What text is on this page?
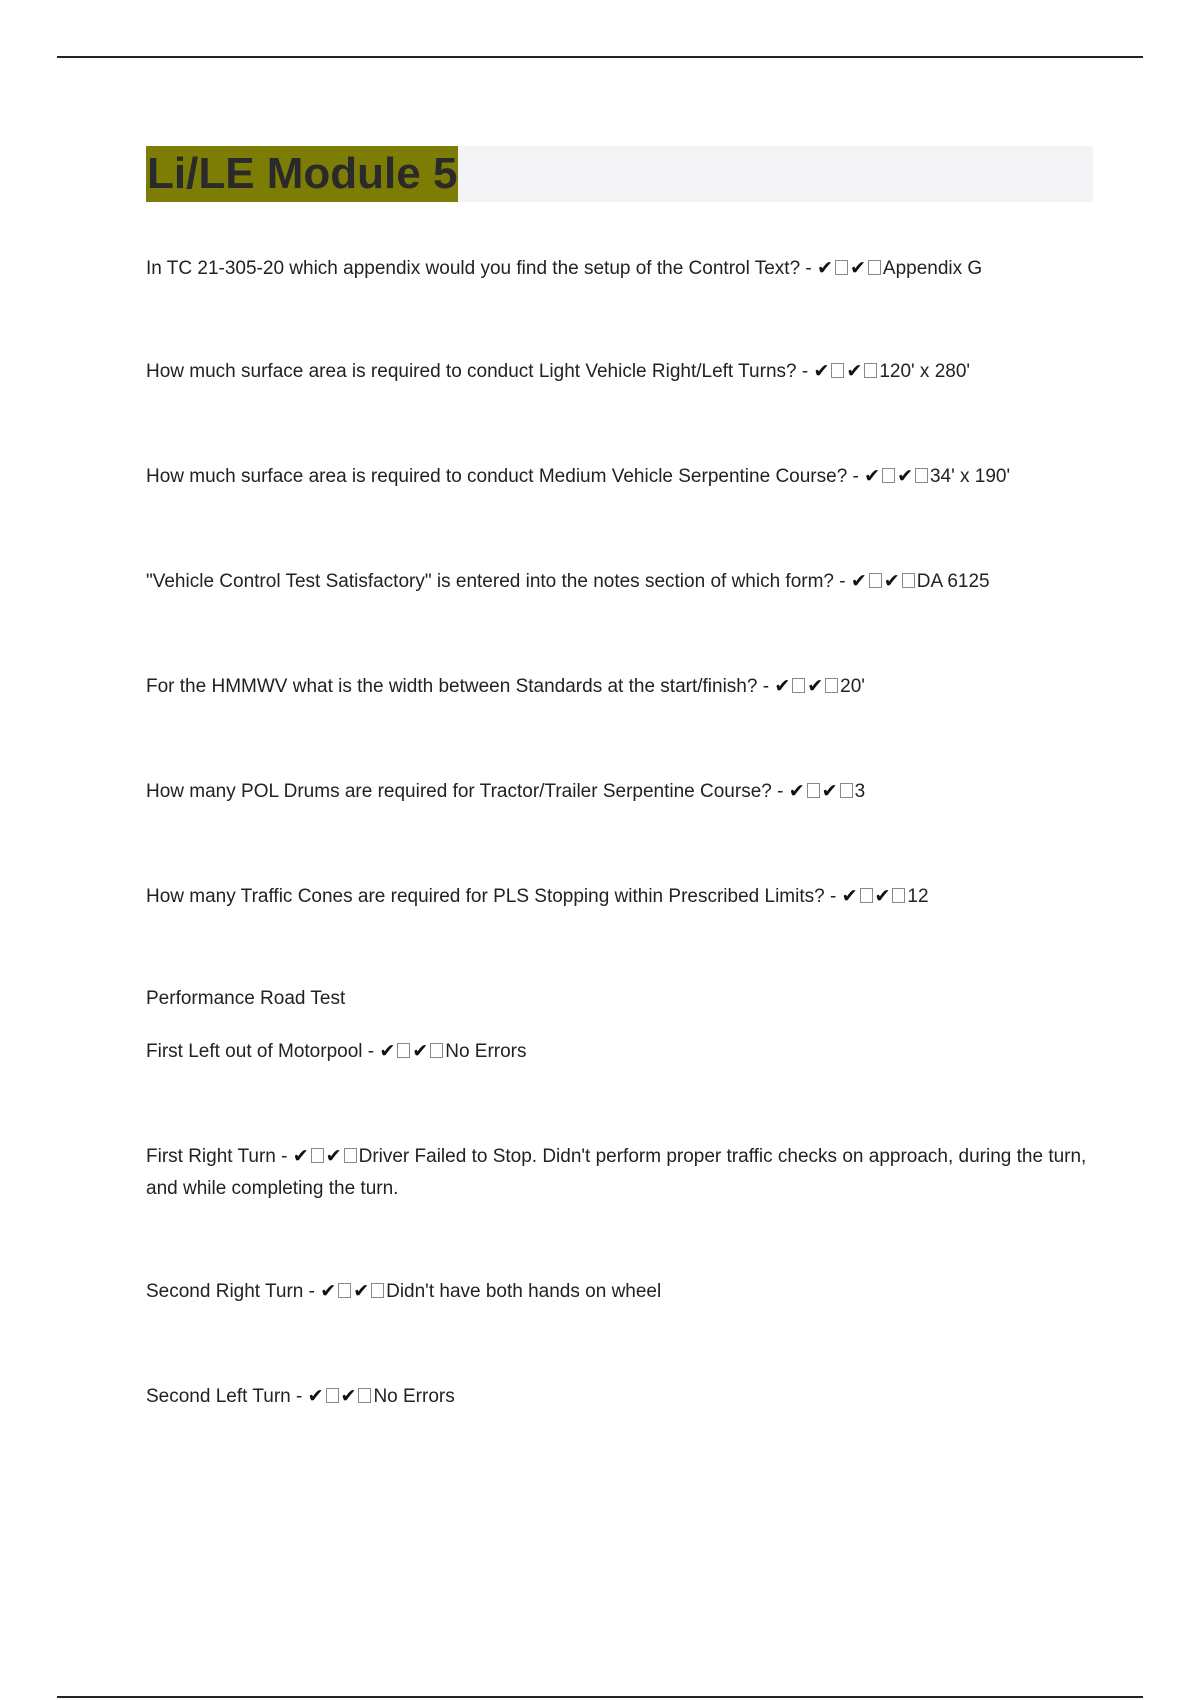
Li/LE Module 5
In TC 21-305-20 which appendix would you find the setup of the Control Text? - ✔ ✔ Appendix G
How much surface area is required to conduct Light Vehicle Right/Left Turns? - ✔ ✔ 120' x 280'
How much surface area is required to conduct Medium Vehicle Serpentine Course? - ✔ ✔ 34' x 190'
"Vehicle Control Test Satisfactory" is entered into the notes section of which form? - ✔ ✔ DA 6125
For the HMMWV what is the width between Standards at the start/finish? - ✔ ✔ 20'
How many POL Drums are required for Tractor/Trailer Serpentine Course? - ✔ ✔ 3
How many Traffic Cones are required for PLS Stopping within Prescribed Limits? - ✔ ✔ 12
Performance Road Test
First Left out of Motorpool - ✔ ✔ No Errors
First Right Turn - ✔ ✔ Driver Failed to Stop. Didn't perform proper traffic checks on approach, during the turn, and while completing the turn.
Second Right Turn - ✔ ✔ Didn't have both hands on wheel
Second Left Turn - ✔ ✔ No Errors
